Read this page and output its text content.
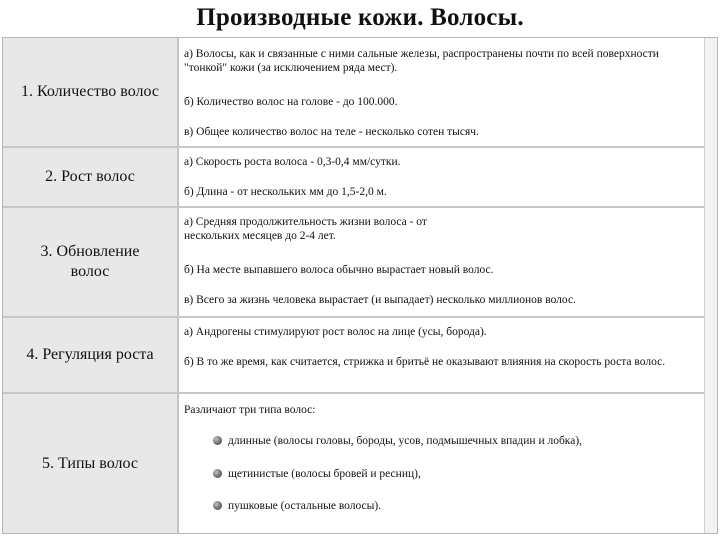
Производные кожи. Волосы.
1. Количество волос
а) Волосы, как и связанные с ними сальные железы, распространены почти по всей поверхности "тонкой" кожи (за исключением ряда мест).
б) Количество волос на голове - до 100.000.
в) Общее количество волос на теле - несколько сотен тысяч.
2. Рост волос
а) Скорость роста волоса - 0,3-0,4 мм/сутки.
б) Длина - от нескольких мм до 1,5-2,0 м.
3. Обновление волос
а) Средняя продолжительность жизни волоса - от нескольких месяцев до 2-4 лет.
б) На месте выпавшего волоса обычно вырастает новый волос.
в) Всего за жизнь человека вырастает (и выпадает) несколько миллионов волос.
4. Регуляция роста
а) Андрогены стимулируют рост волос на лице (усы, борода).
б) В то же время, как считается, стрижка и бритьё не оказывают влияния на скорость роста волос.
5. Типы волос
Различают три типа волос:
длинные (волосы головы, бороды, усов, подмышечных впадин и лобка),
щетинистые (волосы бровей и ресниц),
пушковые (остальные волосы).
